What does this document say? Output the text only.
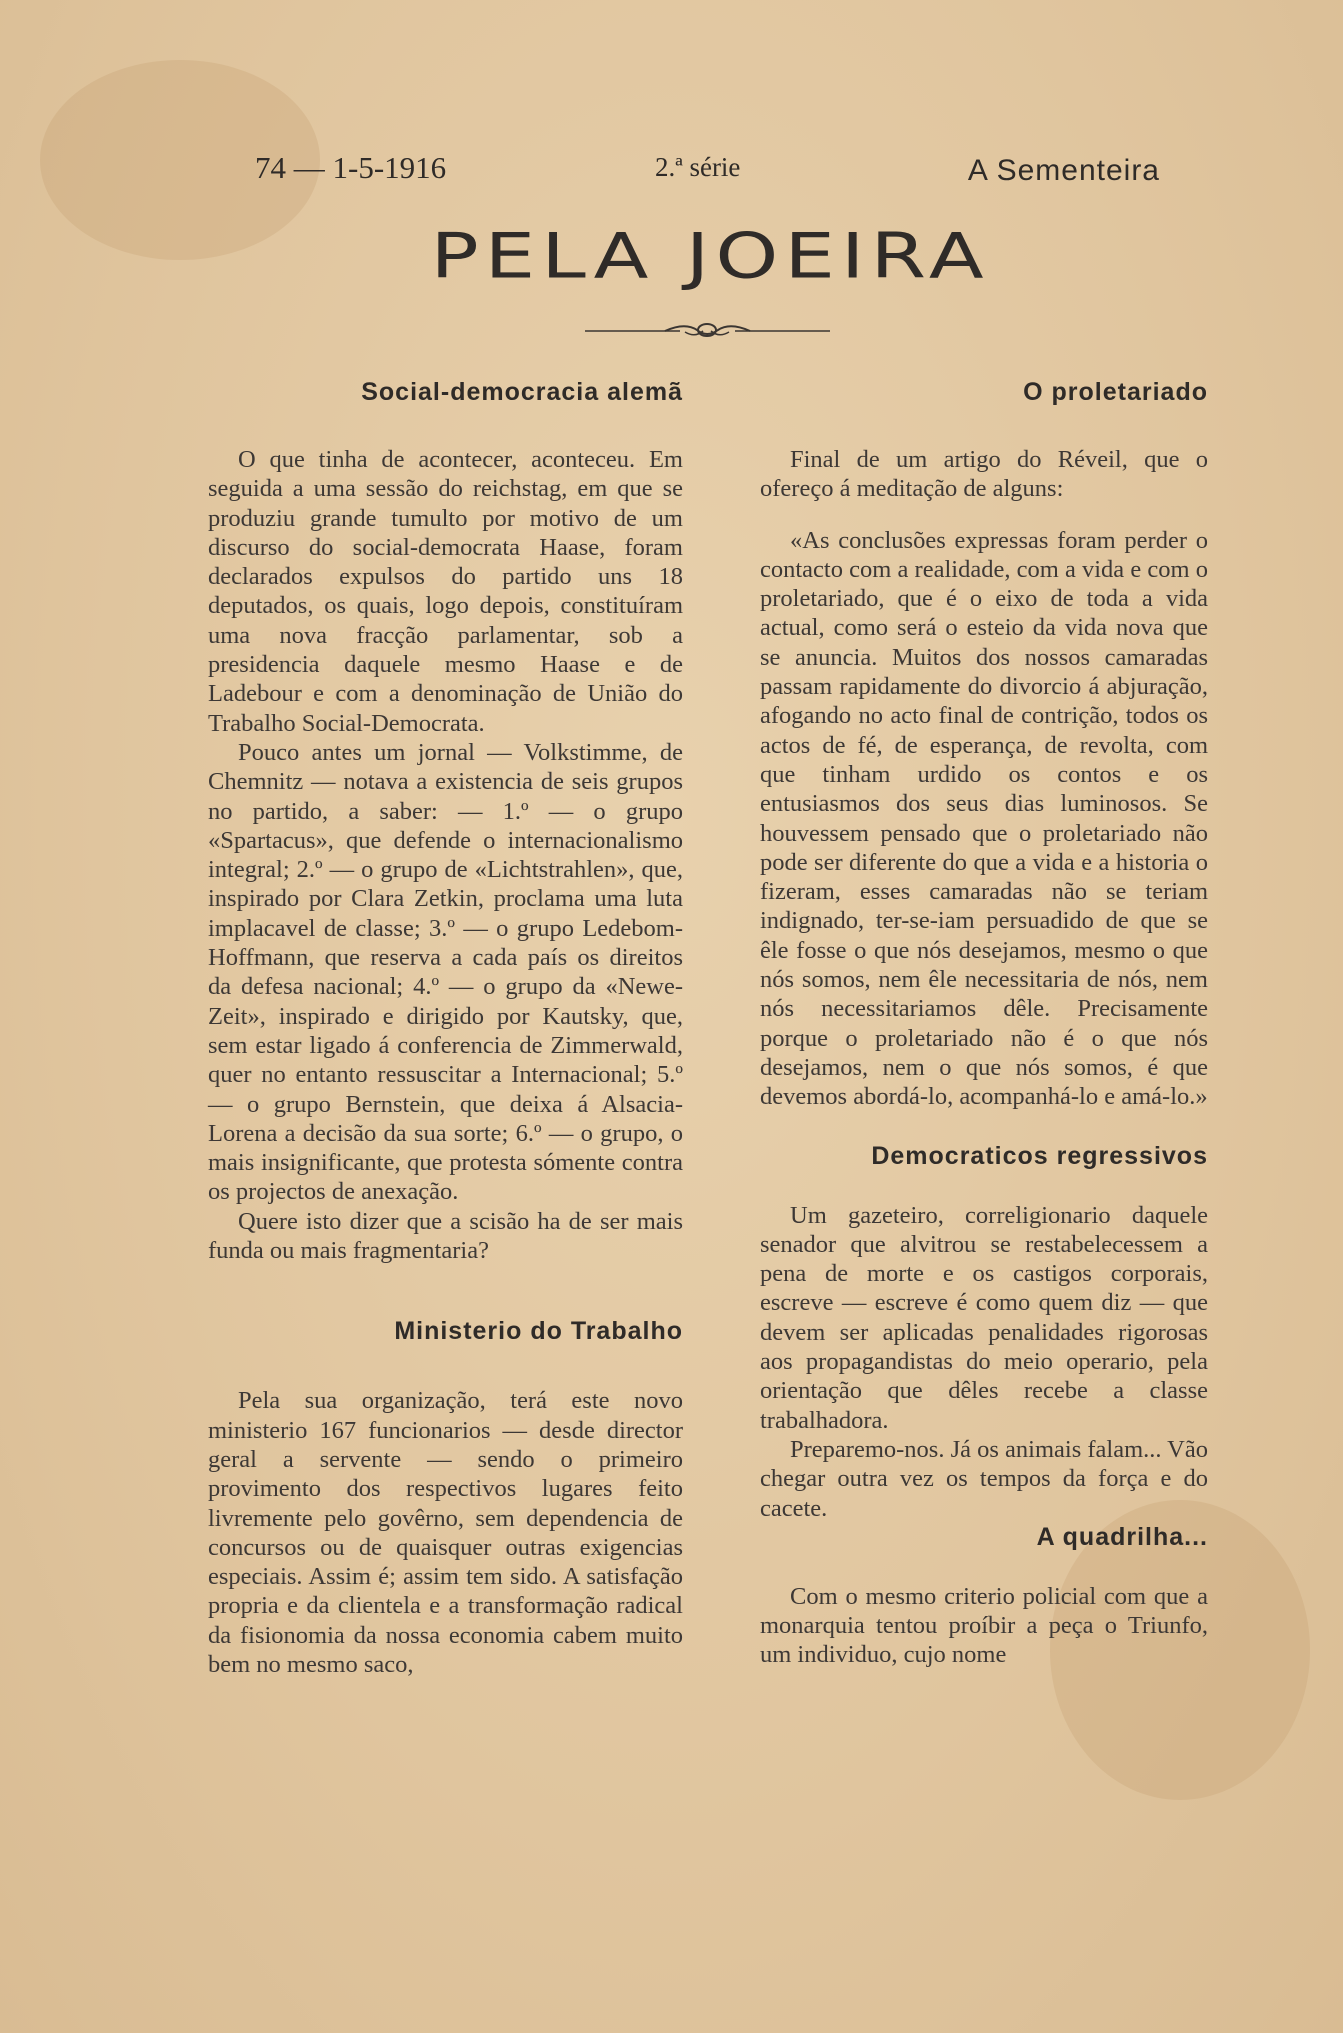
74 — 1-5-1916	2.ª série	A Sementeira
PELA JOEIRA
Social-democracia alemã

O que tinha de acontecer, aconteceu. Em seguida a uma sessão do reichstag, em que se produziu grande tumulto por motivo de um discurso do social-democrata Haase, foram declarados expulsos do partido uns 18 deputados, os quais, logo depois, constituíram uma nova fracção parlamentar, sob a presidencia daquele mesmo Haase e de Ladebour e com a denominação de União do Trabalho Social-Democrata.

Pouco antes um jornal — Volkstimme, de Chemnitz — notava a existencia de seis grupos no partido, a saber: — 1.º — o grupo «Spartacus», que defende o internacionalismo integral; 2.º — o grupo de «Lichtstrahlen», que, inspirado por Clara Zetkin, proclama uma luta implacavel de classe; 3.º — o grupo Ledebom-Hoffmann, que reserva a cada país os direitos da defesa nacional; 4.º — o grupo da «Newe-Zeit», inspirado e dirigido por Kautsky, que, sem estar ligado á conferencia de Zimmerwald, quer no entanto ressuscitar a Internacional; 5.º — o grupo Bernstein, que deixa á Alsacia-Lorena a decisão da sua sorte; 6.º — o grupo, o mais insignificante, que protesta sómente contra os projectos de anexação.

Quere isto dizer que a scisão ha de ser mais funda ou mais fragmentaria?

Ministerio do Trabalho

Pela sua organização, terá este novo ministerio 167 funcionarios — desde director geral a servente — sendo o primeiro provimento dos respectivos lugares feito livremente pelo govêrno, sem dependencia de concursos ou de quaisquer outras exigencias especiais. Assim é; assim tem sido. A satisfação propria e da clientela e a transformação radical da fisionomia da nossa economia cabem muito bem no mesmo saco,

O proletariado

Final de um artigo do Réveil, que o ofereço á meditação de alguns:

«As conclusões expressas foram perder o contacto com a realidade, com a vida e com o proletariado, que é o eixo de toda a vida actual, como será o esteio da vida nova que se anuncia. Muitos dos nossos camaradas passam rapidamente do divorcio á abjuração, afogando no acto final de contrição, todos os actos de fé, de esperança, de revolta, com que tinham urdido os contos e os entusiasmos dos seus dias luminosos. Se houvessem pensado que o proletariado não pode ser diferente do que a vida e a historia o fizeram, esses camaradas não se teriam indignado, ter-se-iam persuadido de que se êle fosse o que nós desejamos, mesmo o que nós somos, nem êle necessitaria de nós, nem nós necessitariamos dêle. Precisamente porque o proletariado não é o que nós desejamos, nem o que nós somos, é que devemos abordá-lo, acompanhá-lo e amá-lo.»

Democraticos regressivos

Um gazeteiro, correligionario daquele senador que alvitrou se restabelecessem a pena de morte e os castigos corporais, escreve — escreve é como quem diz — que devem ser aplicadas penalidades rigorosas aos propagandistas do meio operario, pela orientação que dêles recebe a classe trabalhadora.

Preparemo-nos. Já os animais falam... Vão chegar outra vez os tempos da força e do cacete.

A quadrilha...

Com o mesmo criterio policial com que a monarquia tentou proíbir a peça o Triunfo, um individuo, cujo nome
